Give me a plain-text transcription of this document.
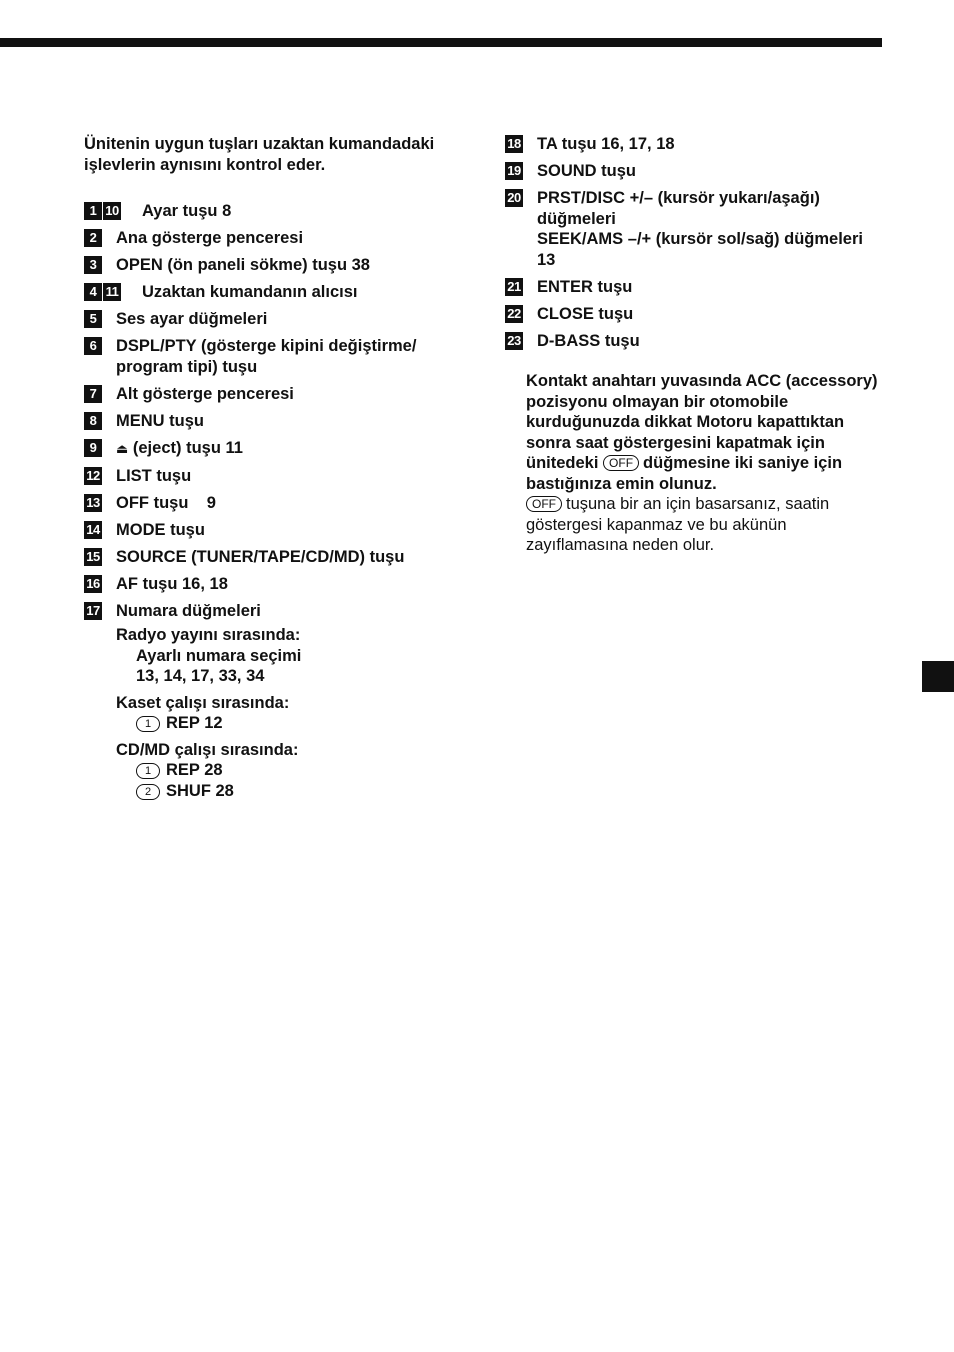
Ünitenin uygun tuşları uzaktan kumandadaki işlevlerin aynısını kontrol eder.
1 10 Ayar tuşu 8
2	Ana gösterge penceresi
3	OPEN (ön paneli sökme) tuşu 38
4 11 Uzaktan kumandanın alıcısı
5	Ses ayar düğmeleri
6	DSPL/PTY (gösterge kipini değiştirme/ program tipi) tuşu
7	Alt gösterge penceresi
8	MENU tuşu
9	⏏ (eject) tuşu 11
12 LIST tuşu
13 OFF tuşu    9
14 MODE tuşu
15 SOURCE (TUNER/TAPE/CD/MD) tuşu
16 AF tuşu 16, 18
17 Numara düğmeleri
Radyo yayını sırasında:
Ayarlı numara seçimi
13, 14, 17, 33, 34
Kaset çalışı sırasında:
1 REP 12
CD/MD çalışı sırasında:
1 REP 28
2 SHUF 28
18 TA tuşu 16, 17, 18
19 SOUND tuşu
20 PRST/DISC +/– (kursör yukarı/aşağı) düğmeleri
SEEK/AMS –/+ (kursör sol/sağ) düğmeleri 13
21 ENTER tuşu
22 CLOSE tuşu
23 D-BASS tuşu
Kontakt anahtarı yuvasında ACC (accessory) pozisyonu olmayan bir otomobile kurduğunuzda dikkat Motoru kapattıktan sonra saat göstergesini kapatmak için ünitedeki OFF düğmesine iki saniye için bastığınıza emin olunuz.
OFF tuşuna bir an için basarsanız, saatin göstergesi kapanmaz ve bu akünün zayıflamasına neden olur.
